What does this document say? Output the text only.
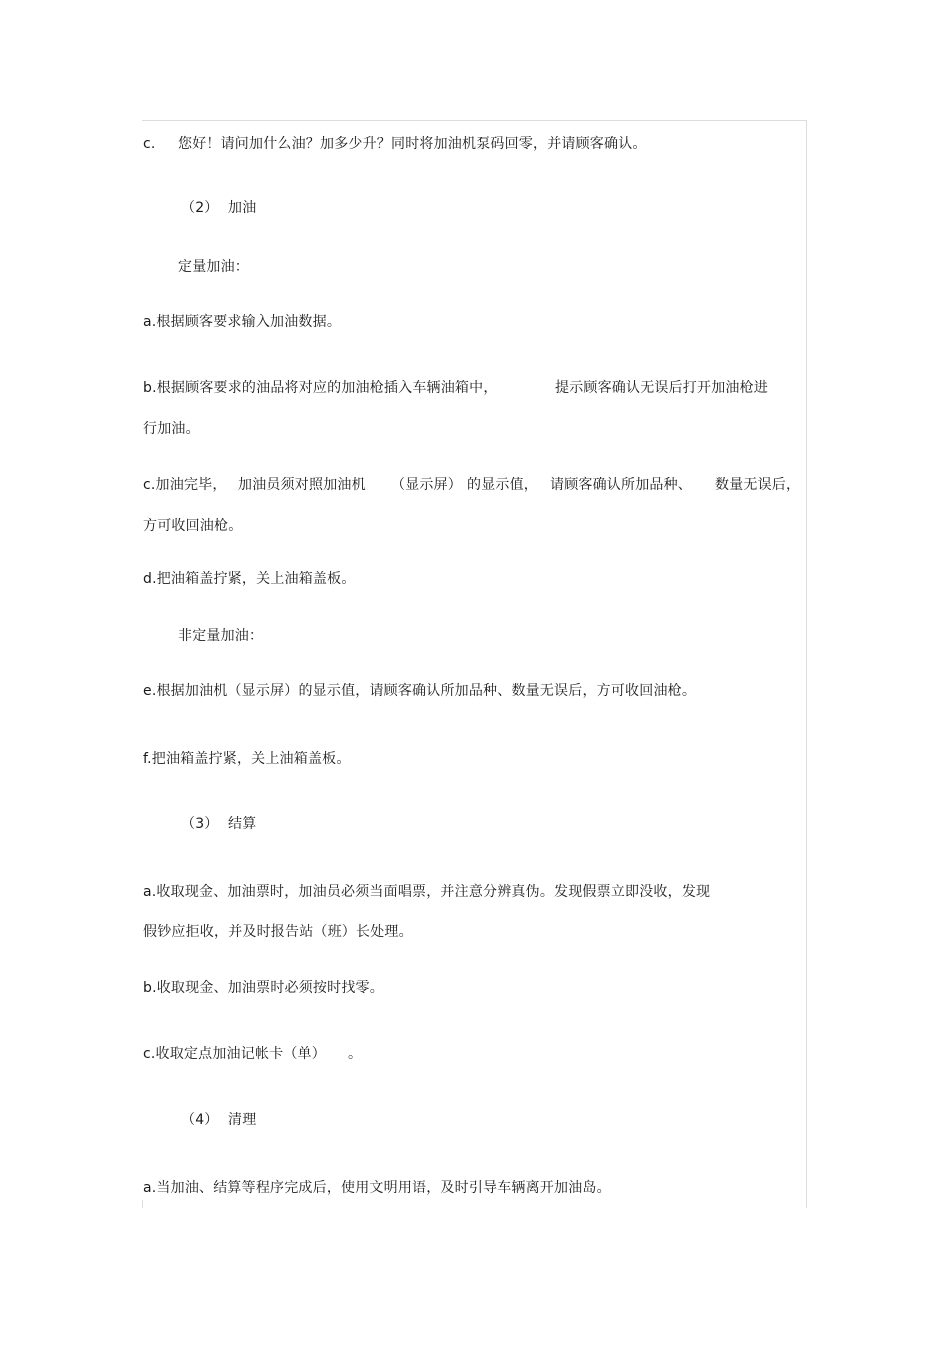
c.

您好！请问加什么油？加多少升？同时将加油机泵码回零，并请顾客确认。

（2）

加油

定量加油：

a.根据顾客要求输入加油数据。

b.根据顾客要求的油品将对应的加油枪插入车辆油箱中，

	提示顾客确认无误后打开加油枪进

行加油。

c.加油完毕，

加油员须对照加油机

（显示屏）

的显示值，

请顾客确认所加品种、

数量无误后，

方可收回油枪。

d.把油箱盖拧紧，关上油箱盖板。

非定量加油：

e.根据加油机（显示屏）的显示值，请顾客确认所加品种、数量无误后，方可收回油枪。

f.把油箱盖拧紧，关上油箱盖板。

（3）

结算

a.收取现金、加油票时，加油员必须当面唱票，并注意分辨真伪。发现假票立即没收，发现

假钞应拒收，并及时报告站（班）长处理。

b.收取现金、加油票时必须按时找零。

c.收取定点加油记帐卡（单）

。

（4）

清理

a.当加油、结算等程序完成后，使用文明用语，及时引导车辆离开加油岛。
